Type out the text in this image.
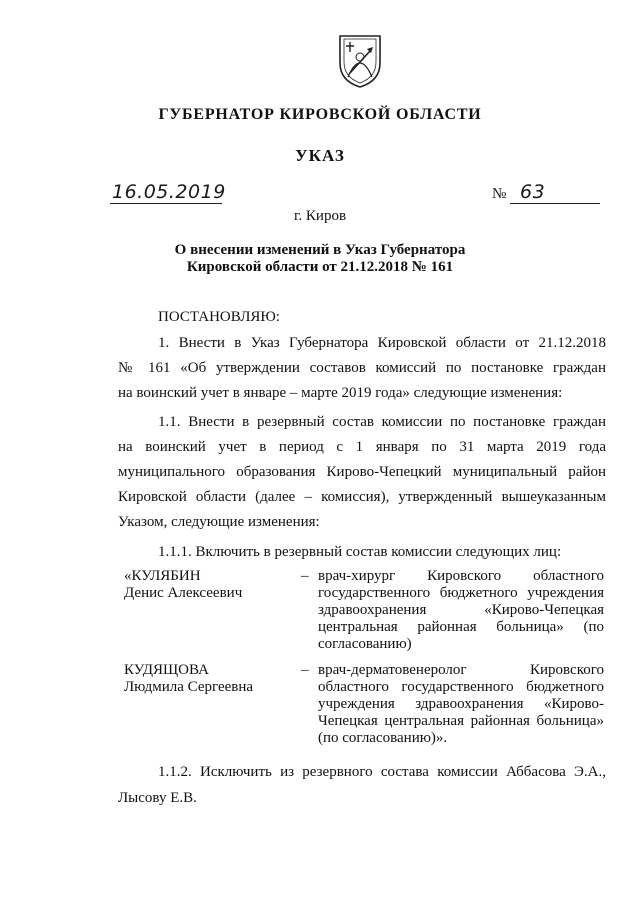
ГУБЕРНАТОР КИРОВСКОЙ ОБЛАСТИ
УКАЗ
16.05.2019	№ 63
г. Киров
О внесении изменений в Указ Губернатора
Кировской области от 21.12.2018 № 161
ПОСТАНОВЛЯЮ:
1. Внести в Указ Губернатора Кировской области от 21.12.2018
№ 161 «Об утверждении составов комиссий по постановке граждан
на воинский учет в январе – марте 2019 года» следующие изменения:
1.1. Внести в резервный состав комиссии по постановке граждан
на воинский учет в период с 1 января по 31 марта 2019 года
муниципального образования Кирово-Чепецкий муниципальный район
Кировской области (далее – комиссия), утвержденный вышеуказанным
Указом, следующие изменения:
1.1.1. Включить в резервный состав комиссии следующих лиц:
«КУЛЯБИН
Денис Алексеевич
– врач-хирург Кировского областного
государственного бюджетного учреждения
здравоохранения «Кирово-Чепецкая
центральная районная больница» (по
согласованию)
КУДЯЩОВА
Людмила Сергеевна
– врач-дерматовенеролог Кировского
областного государственного бюджетного
учреждения здравоохранения «Кирово-
Чепецкая центральная районная больница»
(по согласованию)».
1.1.2. Исключить из резервного состава комиссии Аббасова Э.А.,
Лысову Е.В.
